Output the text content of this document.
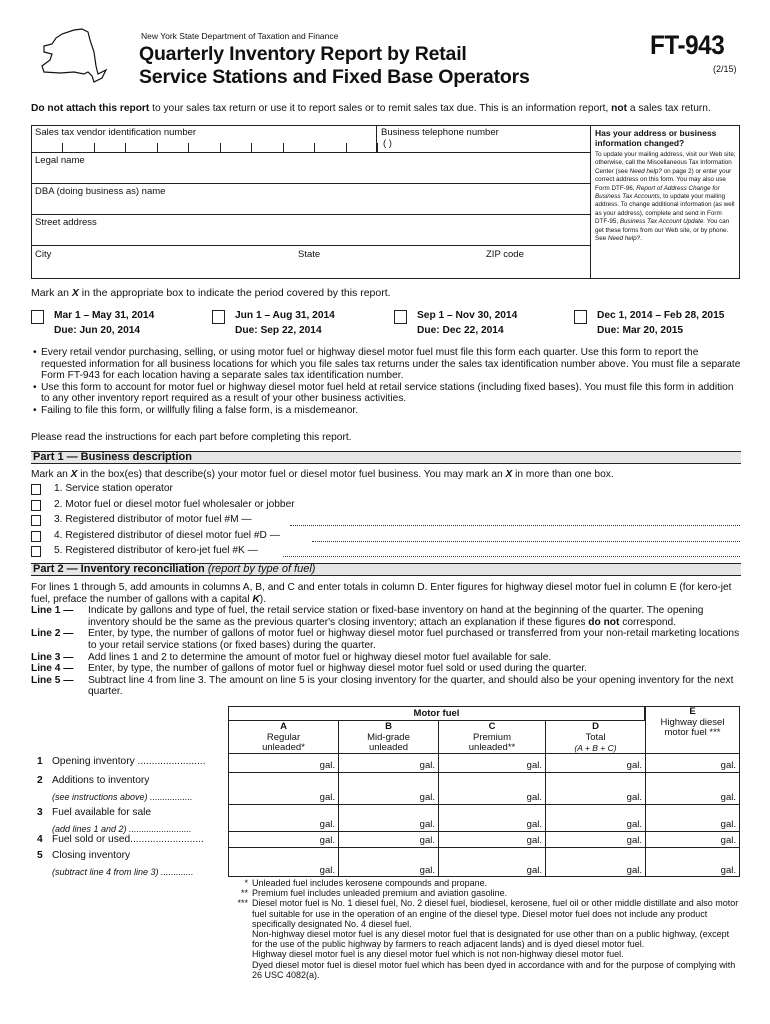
New York State Department of Taxation and Finance
Quarterly Inventory Report by Retail
Service Stations and Fixed Base Operators
FT-943
(2/15)
Do not attach this report to your sales tax return or use it to report sales or to remit sales tax due. This is an information report, not a sales tax return.
Sales tax vendor identification number	Business telephone number
( )
Legal name
DBA (doing business as) name
Street address
City	State	ZIP code
Has your address or business information changed?
To update your mailing address, visit our Web site; otherwise, call the Miscellaneous Tax Information Center (see Need help? on page 2) or enter your correct address on this form. You may also use Form DTF-96, Report of Address Change for Business Tax Accounts, to update your mailing address. To change additional information (as well as your address), complete and send in Form DTF-95, Business Tax Account Update. You can get these forms from our Web site, or by phone. See Need help?.
Mark an X in the appropriate box to indicate the period covered by this report.
Mar 1 – May 31, 2014
Due: Jun 20, 2014
Jun 1 – Aug 31, 2014
Due: Sep 22, 2014
Sep 1 – Nov 30, 2014
Due: Dec 22, 2014
Dec 1, 2014 – Feb 28, 2015
Due: Mar 20, 2015
• Every retail vendor purchasing, selling, or using motor fuel or highway diesel motor fuel must file this form each quarter. Use this form to report the requested information for all business locations for which you file sales tax returns under the sales tax identification number above. You must file a separate Form FT-943 for each location having a separate sales tax identification number.
• Use this form to account for motor fuel or highway diesel motor fuel held at retail service stations (including fixed bases). You must file this form in addition to any other inventory report required as a result of your other business activities.
• Failing to file this form, or willfully filing a false form, is a misdemeanor.
Please read the instructions for each part before completing this report.
Part 1 — Business description
Mark an X in the box(es) that describe(s) your motor fuel or diesel motor fuel business. You may mark an X in more than one box.
1. Service station operator
2. Motor fuel or diesel motor fuel wholesaler or jobber
3. Registered distributor of motor fuel #M —
4. Registered distributor of diesel motor fuel #D —
5. Registered distributor of kero-jet fuel #K —
Part 2 — Inventory reconciliation (report by type of fuel)
For lines 1 through 5, add amounts in columns A, B, and C and enter totals in column D. Enter figures for highway diesel motor fuel in column E (for kero-jet fuel, preface the number of gallons with a capital K).
Line 1 —	Indicate by gallons and type of fuel, the retail service station or fixed-base inventory on hand at the beginning of the quarter. The opening inventory should be the same as the previous quarter's closing inventory; attach an explanation if these figures do not correspond.
Line 2 —	Enter, by type, the number of gallons of motor fuel or highway diesel motor fuel purchased or transferred from your non-retail marketing locations to your retail service stations (or fixed bases) during the quarter.
Line 3 —	Add lines 1 and 2 to determine the amount of motor fuel or highway diesel motor fuel available for sale.
Line 4 —	Enter, by type, the number of gallons of motor fuel or highway diesel motor fuel sold or used during the quarter.
Line 5 —	Subtract line 4 from line 3. The amount on line 5 is your closing inventory for the quarter, and should also be your opening inventory for the next quarter.
Motor fuel
A
Regular
unleaded*
B
Mid-grade
unleaded
C
Premium
unleaded**
D
Total
(A + B + C)
E
Highway diesel
motor fuel ***
1 Opening inventory ........................	gal.	gal.	gal.	gal.	gal.
2 Additions to inventory
(see instructions above) .................	gal.	gal.	gal.	gal.	gal.
3 Fuel available for sale
(add lines 1 and 2) .........................	gal.	gal.	gal.	gal.	gal.
4 Fuel sold or used..........................	gal.	gal.	gal.	gal.	gal.
5 Closing inventory
(subtract line 4 from line 3) .............	gal.	gal.	gal.	gal.	gal.
* Unleaded fuel includes kerosene compounds and propane.
** Premium fuel includes unleaded premium and aviation gasoline.
*** Diesel motor fuel is No. 1 diesel fuel, No. 2 diesel fuel, biodiesel, kerosene, fuel oil or other middle distillate and also motor fuel suitable for use in the operation of an engine of the diesel type. Diesel motor fuel does not include any product specifically designated No. 4 diesel fuel.
Non-highway diesel motor fuel is any diesel motor fuel that is designated for use other than on a public highway, (except for the use of the public highway by farmers to reach adjacent lands) and is dyed diesel motor fuel.
Highway diesel motor fuel is any diesel motor fuel which is not non-highway diesel motor fuel.
Dyed diesel motor fuel is diesel motor fuel which has been dyed in accordance with and for the purpose of complying with 26 USC 4082(a).
